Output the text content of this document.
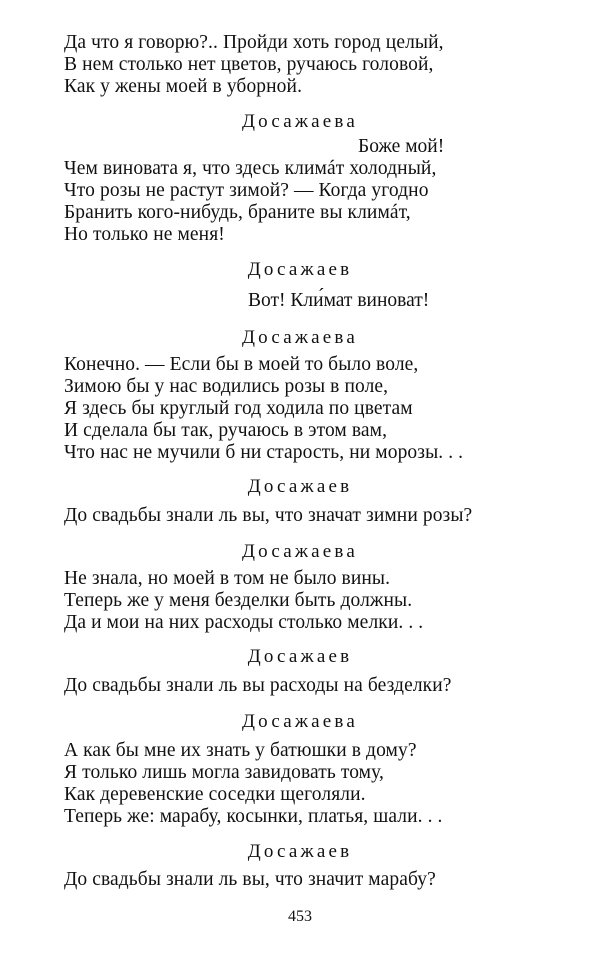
Да что я говорю?.. Пройди хоть город целый,
В нем столько нет цветов, ручаюсь головой,
Как у жены моей в уборной.
Досажаева
Боже мой!
Чем виновата я, что здесь климáт холодный,
Что розы не растут зимой? — Когда угодно
Бранить кого-нибудь, браните вы климáт,
Но только не меня!
Досажаев
Вот! Кли́мат виноват!
Досажаева
Конечно. — Если бы в моей то было воле,
Зимою бы у нас водились розы в поле,
Я здесь бы круглый год ходила по цветам
И сделала бы так, ручаюсь в этом вам,
Что нас не мучили б ни старость, ни морозы. . .
Досажаев
До свадьбы знали ль вы, что значат зимни розы?
Досажаева
Не знала, но моей в том не было вины.
Теперь же у меня безделки быть должны.
Да и мои на них расходы столько мелки. . .
Досажаев
До свадьбы знали ль вы расходы на безделки?
Досажаева
А как бы мне их знать у батюшки в дому?
Я только лишь могла завидовать тому,
Как деревенские соседки щеголяли.
Теперь же: марабу, косынки, платья, шали. . .
Досажаев
До свадьбы знали ль вы, что значит марабу?
453
